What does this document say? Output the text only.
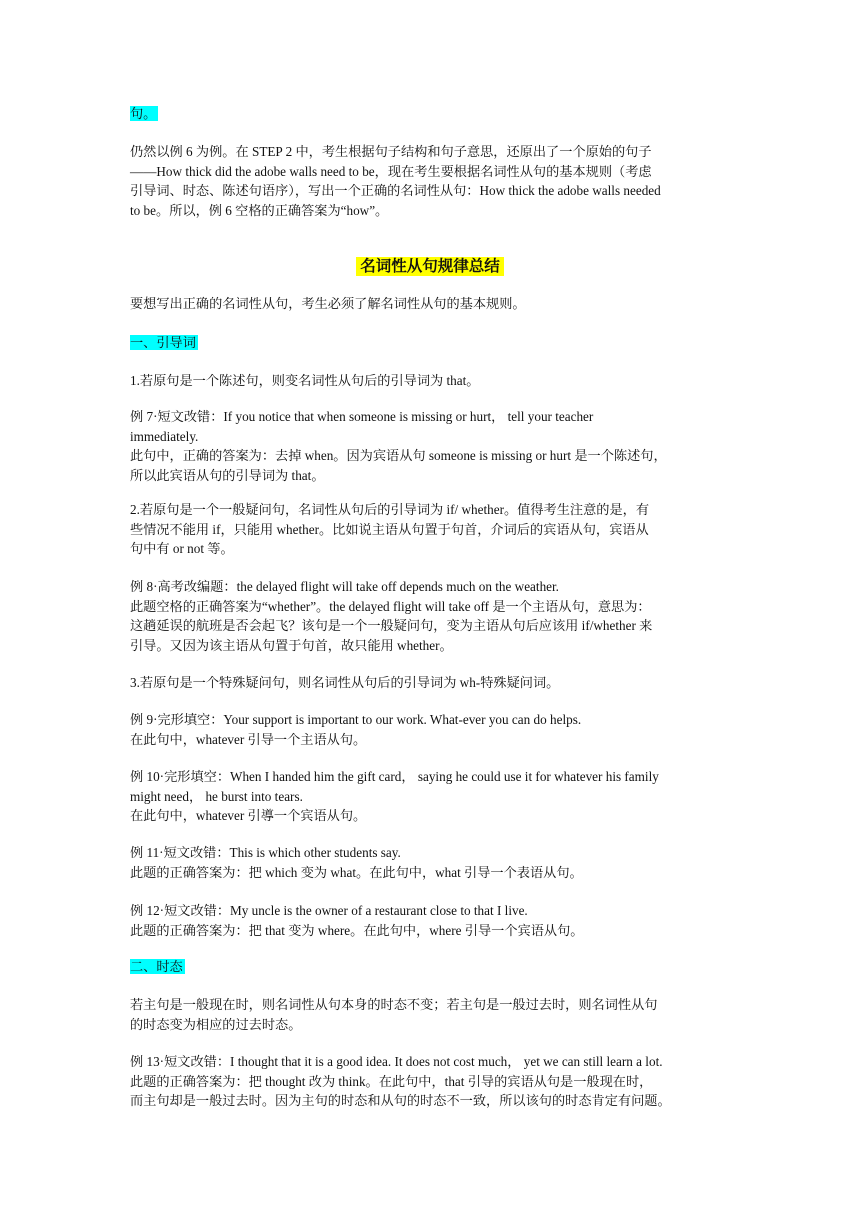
句。
仍然以例 6 为例。在 STEP 2 中，考生根据句子结构和句子意思，还原出了一个原始的句子
——How thick did the adobe walls need to be，现在考生要根据名词性从句的基本规则（考虑
引导词、时态、陈述句语序），写出一个正确的名词性从句：How thick the adobe walls needed
to be。所以，例 6 空格的正确答案为“how”。
名词性从句规律总结
要想写出正确的名词性从句，考生必须了解名词性从句的基本规则。
一、引导词
1.若原句是一个陈述句，则变名词性从句后的引导词为 that。
例 7·短文改错：If you notice that when someone is missing or hurt， tell your teacher
immediately.
此句中，正确的答案为：去掉 when。因为宾语从句 someone is missing or hurt 是一个陈述句，
所以此宾语从句的引导词为 that。
2.若原句是一个一般疑问句，名词性从句后的引导词为 if/ whether。值得考生注意的是，有
些情况不能用 if，只能用 whether。比如说主语从句置于句首，介词后的宾语从句，宾语从
句中有 or not 等。
例 8·高考改编题：the delayed flight will take off depends much on the weather.
此题空格的正确答案为“whether”。the delayed flight will take off 是一个主语从句，意思为：
这趟延误的航班是否会起飞？该句是一个一般疑问句，变为主语从句后应该用 if/whether 来
引导。又因为该主语从句置于句首，故只能用 whether。
3.若原句是一个特殊疑问句，则名词性从句后的引导词为 wh-特殊疑问词。
例 9·完形填空：Your support is important to our work. What-ever you can do helps.
在此句中，whatever 引导一个主语从句。
例 10·完形填空：When I handed him the gift card， saying he could use it for whatever his family
might need， he burst into tears.
在此句中，whatever 引導一个宾语从句。
例 11·短文改错：This is which other students say.
此题的正确答案为：把 which 变为 what。在此句中，what 引导一个表语从句。
例 12·短文改错：My uncle is the owner of a restaurant close to that I live.
此题的正确答案为：把 that 变为 where。在此句中，where 引导一个宾语从句。
二、时态
若主句是一般现在时，则名词性从句本身的时态不变；若主句是一般过去时，则名词性从句
的时态变为相应的过去时态。
例 13·短文改错：I thought that it is a good idea. It does not cost much， yet we can still learn a lot.
此题的正确答案为：把 thought 改为 think。在此句中，that 引导的宾语从句是一般现在时，
而主句却是一般过去时。因为主句的时态和从句的时态不一致，所以该句的时态肯定有问题。
